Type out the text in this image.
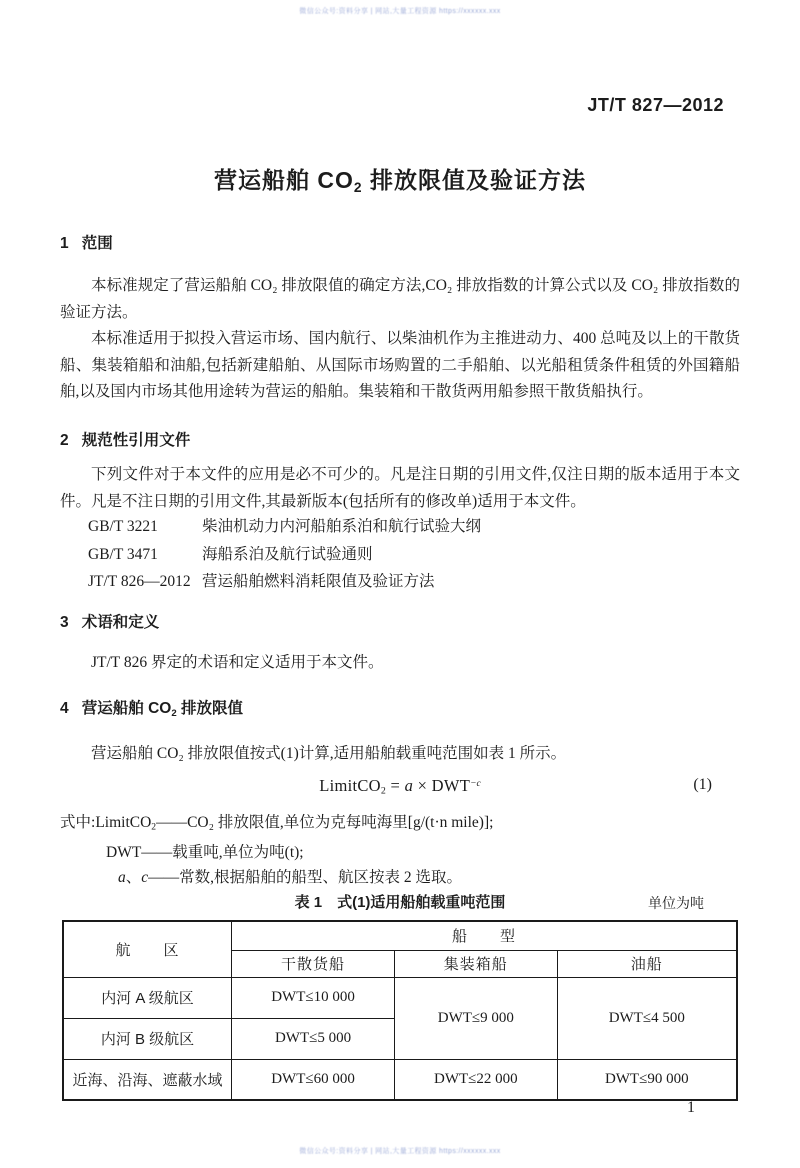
微信公众号:资料分享 | 网站,大量工程资源 https://xxxxxx.xxx
JT/T 827—2012
营运船舶 $CO_2$ 排放限值及验证方法
1 范围

本标准规定了营运船舶 CO₂ 排放限值的确定方法,CO₂ 排放指数的计算公式以及 CO₂ 排放指数的验证方法。

本标准适用于拟投入营运市场、国内航行、以柴油机作为主推进动力、400 总吨及以上的干散货船、集装箱船和油船,包括新建船舶、从国际市场购置的二手船舶、以光船租赁条件租赁的外国籍船舶,以及国内市场其他用途转为营运的船舶。集装箱和干散货两用船参照干散货船执行。

2 规范性引用文件

下列文件对于本文件的应用是必不可少的。凡是注日期的引用文件,仅注日期的版本适用于本文件。凡是不注日期的引用文件,其最新版本(包括所有的修改单)适用于本文件。

GB/T 3221	柴油机动力内河船舶系泊和航行试验大纲
GB/T 3471	海船系泊及航行试验通则
JT/T 826—2012 营运船舶燃料消耗限值及验证方法
3 术语和定义

JT/T 826 界定的术语和定义适用于本文件。

4 营运船舶 $CO_2$ 排放限值

营运船舶 CO₂ 排放限值按式(1)计算,适用船舶载重吨范围如表 1 所示。

LimitCO$_2$ = $a \times DWT^{-c}$	(1)
式中:LimitCO$_2$——CO₂ 排放限值,单位为克每吨海里[g/(t·n mile)];
DWT——载重吨,单位为吨(t);
a、c——常数,根据船舶的船型、航区按表 2 选取。
表 1　式(1)适用船舶载重吨范围	单位为吨
航　　区	船　　型		
	干散货船	集装箱船	油船
内河 A 级航区	DWT≤10 000	DWT≤9 000	DWT≤4 500
内河 B 级航区	DWT≤5 000		
近海、沿海、遮蔽水域	DWT≤60 000	DWT≤22 000	DWT≤90 000
1
微信公众号:资料分享 | 网站,大量工程资源 https://xxxxxx.xxx
